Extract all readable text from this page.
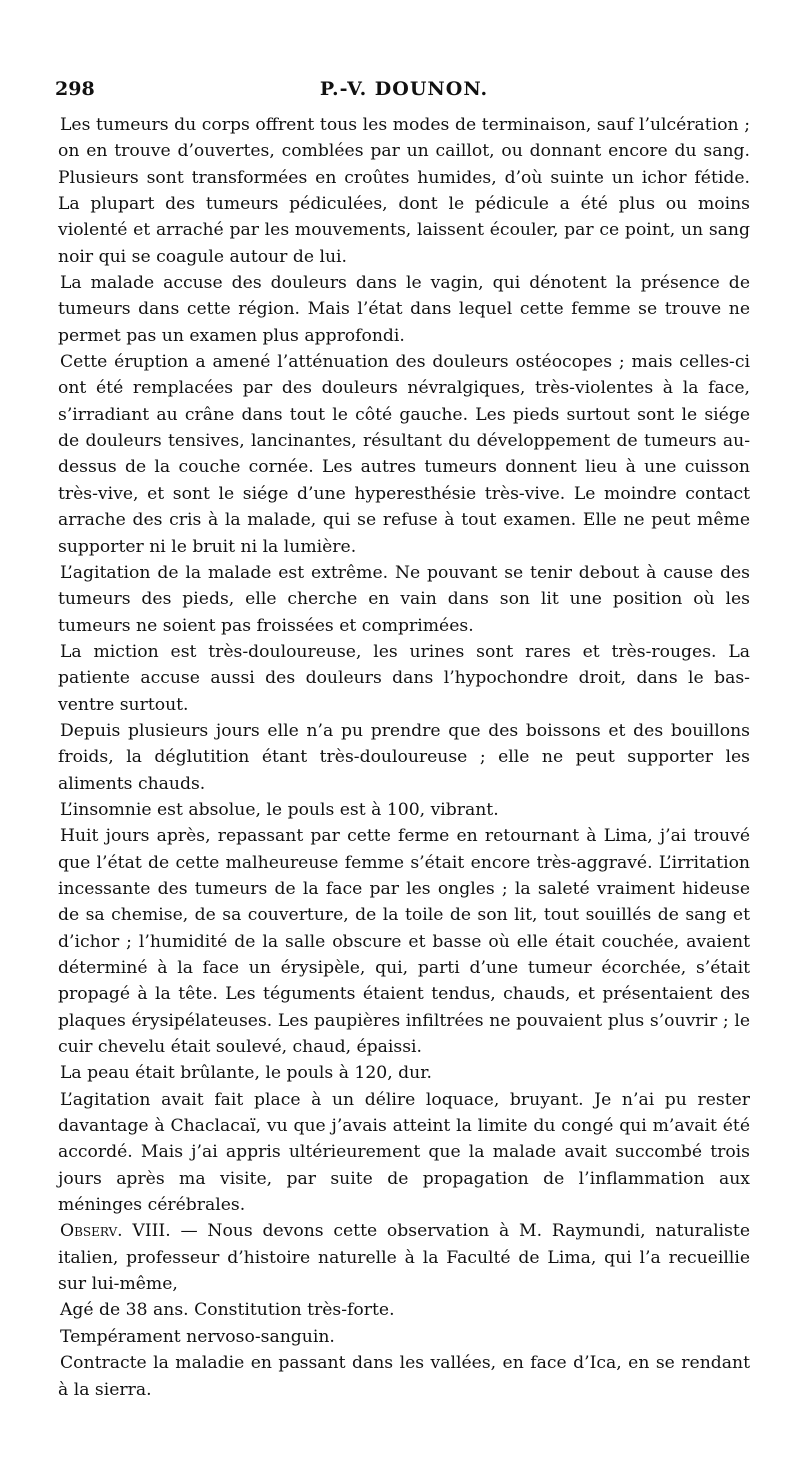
298	P.-V. DOUNON.

Les tumeurs du corps offrent tous les modes de terminaison, sauf l’ulcération ; on en trouve d’ouvertes, comblées par un caillot, ou donnant encore du sang. Plusieurs sont transformées en croûtes humides, d’où suinte un ichor fétide. La plupart des tumeurs pédiculées, dont le pédicule a été plus ou moins violenté et arraché par les mouvements, laissent écouler, par ce point, un sang noir qui se coagule autour de lui.

La malade accuse des douleurs dans le vagin, qui dénotent la présence de tumeurs dans cette région. Mais l’état dans lequel cette femme se trouve ne permet pas un examen plus approfondi.

Cette éruption a amené l’atténuation des douleurs ostéocopes ; mais celles-ci ont été remplacées par des douleurs névralgiques, très-violentes à la face, s’irradiant au crâne dans tout le côté gauche. Les pieds surtout sont le siége de douleurs tensives, lancinantes, résultant du développement de tumeurs au-dessus de la couche cornée. Les autres tumeurs donnent lieu à une cuisson très-vive, et sont le siége d’une hyperesthésie très-vive. Le moindre contact arrache des cris à la malade, qui se refuse à tout examen. Elle ne peut même supporter ni le bruit ni la lumière.

L’agitation de la malade est extrême. Ne pouvant se tenir debout à cause des tumeurs des pieds, elle cherche en vain dans son lit une position où les tumeurs ne soient pas froissées et comprimées.

La miction est très-douloureuse, les urines sont rares et très-rouges. La patiente accuse aussi des douleurs dans l’hypochondre droit, dans le bas-ventre surtout.

Depuis plusieurs jours elle n’a pu prendre que des boissons et des bouillons froids, la déglutition étant très-douloureuse ; elle ne peut supporter les aliments chauds.

L’insomnie est absolue, le pouls est à 100, vibrant.

Huit jours après, repassant par cette ferme en retournant à Lima, j’ai trouvé que l’état de cette malheureuse femme s’était encore très-aggravé. L’irritation incessante des tumeurs de la face par les ongles ; la saleté vraiment hideuse de sa chemise, de sa couverture, de la toile de son lit, tout souillés de sang et d’ichor ; l’humidité de la salle obscure et basse où elle était couchée, avaient déterminé à la face un érysipèle, qui, parti d’une tumeur écorchée, s’était propagé à la tête. Les téguments étaient tendus, chauds, et présentaient des plaques érysipélateuses. Les paupières infiltrées ne pouvaient plus s’ouvrir ; le cuir chevelu était soulevé, chaud, épaissi.

La peau était brûlante, le pouls à 120, dur.

L’agitation avait fait place à un délire loquace, bruyant. Je n’ai pu rester davantage à Chaclacaï, vu que j’avais atteint la limite du congé qui m’avait été accordé. Mais j’ai appris ultérieurement que la malade avait succombé trois jours après ma visite, par suite de propagation de l’inflammation aux méninges cérébrales.

Observ. VIII. — Nous devons cette observation à M. Raymundi, naturaliste italien, professeur d’histoire naturelle à la Faculté de Lima, qui l’a recueillie sur lui-même,

Agé de 38 ans. Constitution très-forte.

Tempérament nervoso-sanguin.

Contracte la maladie en passant dans les vallées, en face d’Ica, en se rendant à la sierra.
